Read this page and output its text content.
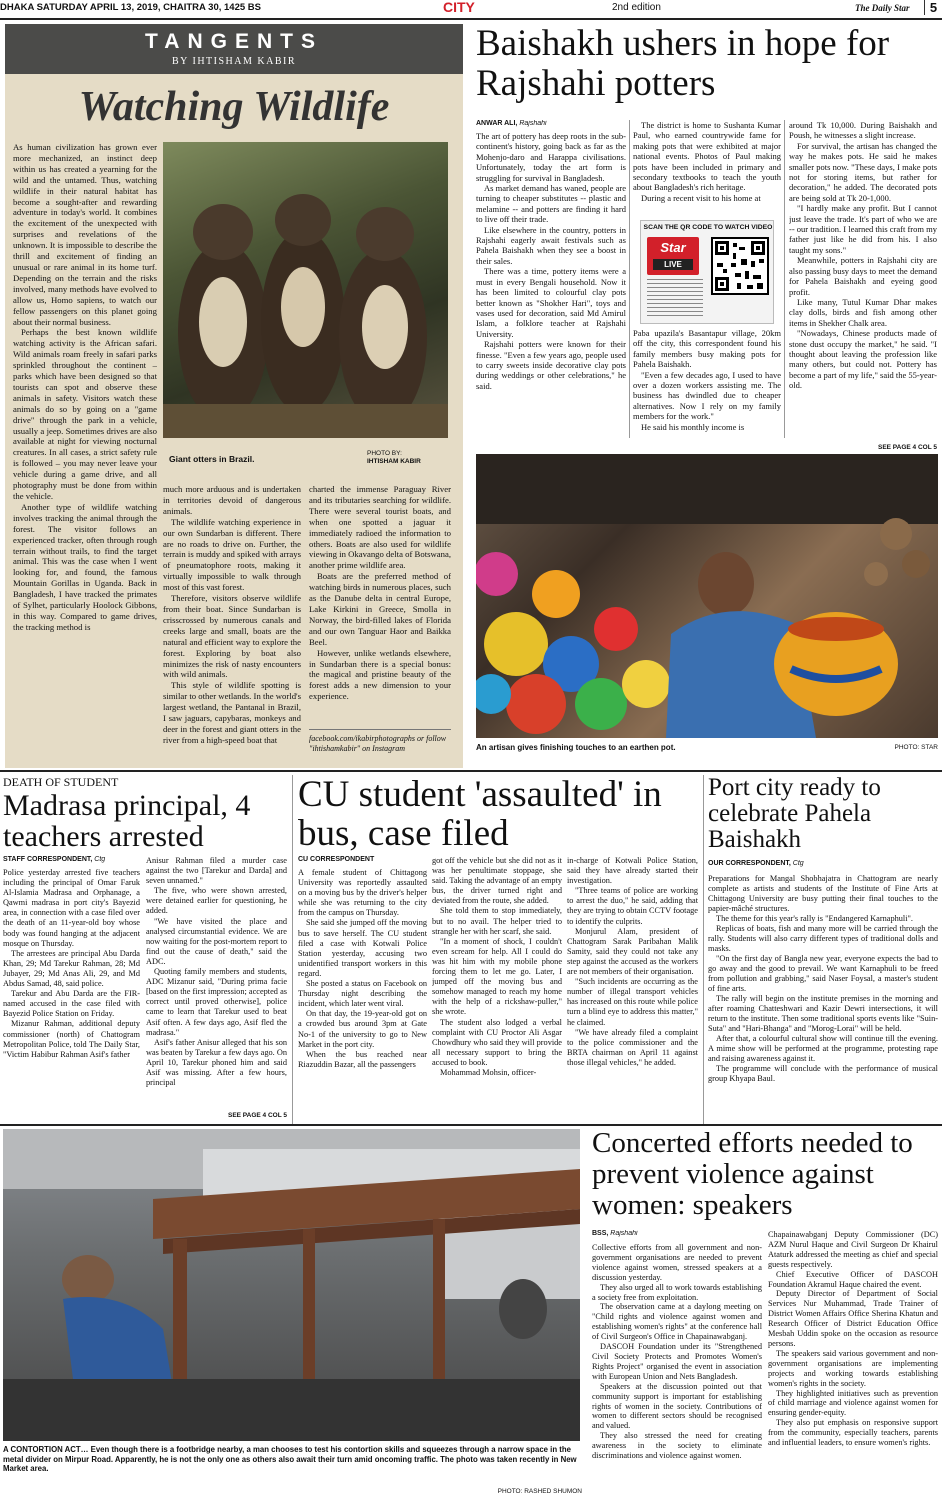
DHAKA SATURDAY APRIL 13, 2019, CHAITRA 30, 1425 BS	CITY	2nd edition	The Daily Star	5
TANGENTS
BY IHTISHAM KABIR
Watching Wildlife

As human civilization has grown ever more mechanized, an instinct deep within us has created a yearning for the wild and the untamed. Thus, watching wildlife in their natural habitat has become a sought-after and rewarding adventure in today's world. It combines the excitement of the unexpected with surprises and revelations of the unknown. It is impossible to describe the thrill and excitement of finding an unusual or rare animal in its home turf. Depending on the terrain and the risks involved, many methods have evolved to allow us, Homo sapiens, to watch our fellow passengers on this planet going about their normal business.

Perhaps the best known wildlife watching activity is the African safari. Wild animals roam freely in safari parks sprinkled throughout the continent – parks which have been designed so that tourists can spot and observe these animals in safety. Visitors watch these animals do so by going on a "game drive" through the park in a vehicle, usually a jeep. Sometimes drives are also available at night for viewing nocturnal creatures. In all cases, a strict safety rule is followed – you may never leave your vehicle during a game drive, and all photography must be done from within the vehicle.

Another type of wildlife watching involves tracking the animal through the forest. The visitor follows an experienced tracker, often through rough terrain without trails, to find the target animal. This was the case when I went looking for, and found, the famous Mountain Gorillas in Uganda. Back in Bangladesh, I have tracked the primates of Sylhet, particularly Hoolock Gibbons, in this way. Compared to game drives, the tracking method is

Giant otters in Brazil.
PHOTO BY:
IHTISHAM KABIR

much more arduous and is undertaken in territories devoid of dangerous animals.

The wildlife watching experience in our own Sundarban is different. There are no roads to drive on. Further, the terrain is muddy and spiked with arrays of pneumatophore roots, making it virtually impossible to walk through most of this vast forest.

Therefore, visitors observe wildlife from their boat. Since Sundarban is crisscrossed by numerous canals and creeks large and small, boats are the natural and efficient way to explore the forest. Exploring by boat also minimizes the risk of nasty encounters with wild animals.

This style of wildlife spotting is similar to other wetlands. In the world's largest wetland, the Pantanal in Brazil, I saw jaguars, capybaras, monkeys and deer in the forest and giant otters in the river from a high-speed boat that

charted the immense Paraguay River and its tributaries searching for wildlife. There were several tourist boats, and when one spotted a jaguar it immediately radioed the information to others. Boats are also used for wildlife viewing in Okavango delta of Botswana, another prime wildlife area.

Boats are the preferred method of watching birds in numerous places, such as the Danube delta in central Europe, Lake Kirkini in Greece, Smolla in Norway, the bird-filled lakes of Florida and our own Tanguar Haor and Baikka Beel.

However, unlike wetlands elsewhere, in Sundarban there is a special bonus: the magical and pristine beauty of the forest adds a new dimension to your experience.

facebook.com/ikabirphotographs or follow "ihtishamkabir" on Instagram
Baishakh ushers in hope for Rajshahi potters
ANWAR ALI, Rajshahi

The art of pottery has deep roots in the sub-continent's history, going back as far as the Mohenjo-daro and Harappa civilisations. Unfortunately, today the art form is struggling for survival in Bangladesh.

As market demand has waned, people are turning to cheaper substitutes -- plastic and melamine -- and potters are finding it hard to live off their trade.

Like elsewhere in the country, potters in Rajshahi eagerly await festivals such as Pahela Baishakh when they see a boost in their sales.

There was a time, pottery items were a must in every Bengali household. Now it has been limited to colourful clay pots better known as "Shokher Hari", toys and vases used for decoration, said Md Amirul Islam, a folklore teacher at Rajshahi University.

Rajshahi potters were known for their finesse. "Even a few years ago, people used to carry sweets inside decorative clay pots during weddings or other celebrations," he said.

The district is home to Sushanta Kumar Paul, who earned countrywide fame for making pots that were exhibited at major national events. Photos of Paul making pots have been included in primary and secondary textbooks to teach the youth about Bangladesh's rich heritage.

During a recent visit to his home at

SCAN THE QR CODE TO WATCH VIDEO
Star
LIVE

Paba upazila's Basantapur village, 20km off the city, this correspondent found his family members busy making pots for Pahela Baishakh.

"Even a few decades ago, I used to have over a dozen workers assisting me. The business has dwindled due to cheaper alternatives. Now I rely on my family members for the work."

He said his monthly income is

around Tk 10,000. During Baishakh and Poush, he witnesses a slight increase.

For survival, the artisan has changed the way he makes pots. He said he makes smaller pots now. "These days, I make pots not for storing items, but rather for decoration," he added. The decorated pots are being sold at Tk 20-1,000.

"I hardly make any profit. But I cannot just leave the trade. It's part of who we are -- our tradition. I learned this craft from my father just like he did from his. I also taught my sons."

Meanwhile, potters in Rajshahi city are also passing busy days to meet the demand for Pahela Baishakh and eyeing good profit.

Like many, Tutul Kumar Dhar makes clay dolls, birds and fish among other items in Shekher Chalk area.

"Nowadays, Chinese products made of stone dust occupy the market," he said. "I thought about leaving the profession like many others, but could not. Pottery has become a part of my life," said the 55-year-old.

SEE PAGE 4 COL 5
An artisan gives finishing touches to an earthen pot.	PHOTO: STAR
DEATH OF STUDENT
Madrasa principal, 4 teachers arrested
STAFF CORRESPONDENT, Ctg

Police yesterday arrested five teachers including the principal of Omar Faruk Al-Islamia Madrasa and Orphanage, a Qawmi madrasa in port city's Bayezid area, in connection with a case filed over the death of an 11-year-old boy whose body was found hanging at the adjacent mosque on Thursday.

The arrestees are principal Abu Darda Khan, 29; Md Tarekur Rahman, 28; Md Jubayer, 29; Md Anas Ali, 29, and Md Abdus Samad, 48, said police.

Tarekur and Abu Darda are the FIR-named accused in the case filed with Bayezid Police Station on Friday.

Mizanur Rahman, additional deputy commissioner (north) of Chattogram Metropolitan Police, told The Daily Star, "Victim Habibur Rahman Asif's father

Anisur Rahman filed a murder case against the two [Tarekur and Darda] and seven unnamed."

The five, who were shown arrested, were detained earlier for questioning, he added.

"We have visited the place and analysed circumstantial evidence. We are now waiting for the post-mortem report to find out the cause of death," said the ADC.

Quoting family members and students, ADC Mizanur said, "During prima facie [based on the first impression; accepted as correct until proved otherwise], police came to learn that Tarekur used to beat Asif often. A few days ago, Asif fled the madrasa."

Asif's father Anisur alleged that his son was beaten by Tarekur a few days ago. On April 10, Tarekur phoned him and said Asif was missing. After a few hours, principal

SEE PAGE 4 COL 5
CU student 'assaulted' in bus, case filed
CU CORRESPONDENT

A female student of Chittagong University was reportedly assaulted on a moving bus by the driver's helper while she was returning to the city from the campus on Thursday.

She said she jumped off the moving bus to save herself. The CU student filed a case with Kotwali Police Station yesterday, accusing two unidentified transport workers in this regard.

She posted a status on Facebook on Thursday night describing the incident, which later went viral.

On that day, the 19-year-old got on a crowded bus around 3pm at Gate No-1 of the university to go to New Market in the port city.

When the bus reached near Riazuddin Bazar, all the passengers

got off the vehicle but she did not as it was her penultimate stoppage, she said. Taking the advantage of an empty bus, the driver turned right and deviated from the route, she added.

She told them to stop immediately, but to no avail. The helper tried to strangle her with her scarf, she said.

"In a moment of shock, I couldn't even scream for help. All I could do was hit him with my mobile phone forcing them to let me go. Later, I jumped off the moving bus and somehow managed to reach my home with the help of a rickshaw-puller," she wrote.

The student also lodged a verbal complaint with CU Proctor Ali Asgar Chowdhury who said they will provide all necessary support to bring the accused to book.

Mohammad Mohsin, officer-

in-charge of Kotwali Police Station, said they have already started their investigation.

"Three teams of police are working to arrest the duo," he said, adding that they are trying to obtain CCTV footage to identify the culprits.

Monjurul Alam, president of Chattogram Sarak Paribahan Malik Samity, said they could not take any step against the accused as the workers are not members of their organisation.

"Such incidents are occurring as the number of illegal transport vehicles has increased on this route while police turn a blind eye to address this matter," he claimed.

"We have already filed a complaint to the police commissioner and the BRTA chairman on April 11 against those illegal vehicles," he added.

Port city ready to celebrate Pahela Baishakh
OUR CORRESPONDENT, Ctg

Preparations for Mangal Shobhajatra in Chattogram are nearly complete as artists and students of the Institute of Fine Arts at Chittagong University are busy putting their final touches to the papier-mâché structures.

The theme for this year's rally is "Endangered Karnaphuli".

Replicas of boats, fish and many more will be carried through the rally. Students will also carry different types of traditional dolls and masks.

"On the first day of Bangla new year, everyone expects the bad to go away and the good to prevail. We want Karnaphuli to be freed from pollution and grabbing," said Naser Foysal, a master's student of fine arts.

The rally will begin on the institute premises in the morning and after roaming Chatteshwari and Kazir Dewri intersections, it will return to the institute. Then some traditional sports events like "Suin-Suta" and "Hari-Bhanga" and "Morog-Lorai" will be held.

After that, a colourful cultural show will continue till the evening. A mime show will be performed at the programme, protesting rape and raising awareness against it.

The programme will conclude with the performance of musical group Khyapa Baul.

A CONTORTION ACT… Even though there is a footbridge nearby, a man chooses to test his contortion skills and squeezes through a narrow space in the metal divider on Mirpur Road. Apparently, he is not the only one as others also await their turn amid oncoming traffic. The photo was taken recently in New Market area.
PHOTO: RASHED SHUMON
Concerted efforts needed to prevent violence against women: speakers
BSS, Rajshahi

Collective efforts from all government and non-government organisations are needed to prevent violence against women, stressed speakers at a discussion yesterday.

They also urged all to work towards establishing a society free from exploitation.

The observation came at a daylong meeting on "Child rights and violence against women and establishing women's rights" at the conference hall of Civil Surgeon's Office in Chapainawabganj.

DASCOH Foundation under its "Strengthened Civil Society Protects and Promotes Women's Rights Project" organised the event in association with European Union and Nets Bangladesh.

Speakers at the discussion pointed out that community support is important for establishing rights of women in the society. Contributions of women to different sectors should be recognised and valued.

They also stressed the need for creating awareness in the society to eliminate discriminations and violence against women.

Chapainawabganj Deputy Commissioner (DC) AZM Nurul Haque and Civil Surgeon Dr Khairul Ataturk addressed the meeting as chief and special guests respectively.

Chief Executive Officer of DASCOH Foundation Akramul Haque chaired the event.

Deputy Director of Department of Social Services Nur Muhammad, Trade Trainer of District Women Affairs Office Sherina Khatun and Research Officer of District Education Office Mesbah Uddin spoke on the occasion as resource persons.

The speakers said various government and non-government organisations are implementing projects and working towards establishing women's rights in the society.

They highlighted initiatives such as prevention of child marriage and violence against women for ensuring gender-equity.

They also put emphasis on responsive support from the community, especially teachers, parents and influential leaders, to ensure women's rights.
